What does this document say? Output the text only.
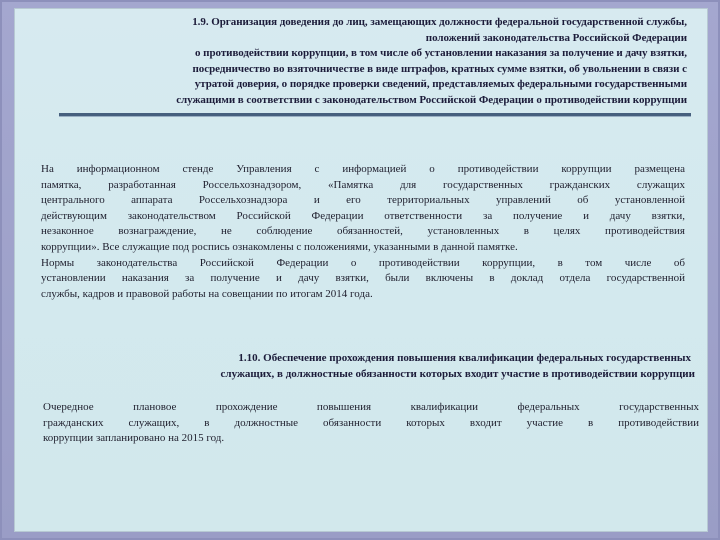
1.9. Организация доведения до лиц, замещающих должности федеральной государственной службы,
положений законодательства Российской Федерации
о противодействии коррупции, в том числе об установлении наказания за получение и дачу взятки,
посредничество во взяточничестве в виде штрафов, кратных сумме взятки, об увольнении в связи с
утратой доверия, о порядке проверки сведений, представляемых федеральными государственными
служащими в соответствии с законодательством Российской Федерации о противодействии коррупции
На информационном стенде Управления с информацией о противодействии коррупции размещена
памятка, разработанная Россельхознадзором, «Памятка для государственных гражданских служащих
центрального аппарата Россельхознадзора и его территориальных управлений об установленной
действующим законодательством Российской Федерации ответственности за получение и дачу взятки,
незаконное вознаграждение, не соблюдение обязанностей, установленных в целях противодействия
коррупции». Все служащие под роспись ознакомлены с положениями, указанными в данной памятке.
Нормы законодательства Российской Федерации о противодействии коррупции, в том числе об
установлении наказания за получение и дачу взятки, были включены в доклад отдела государственной
службы, кадров и правовой работы на совещании по итогам 2014 года.
1.10. Обеспечение прохождения повышения квалификации федеральных государственных
служащих, в должностные обязанности которых входит участие в противодействии коррупции
Очередное плановое прохождение повышения квалификации федеральных государственных
гражданских служащих, в должностные обязанности которых входит участие в противодействии
коррупции запланировано на 2015 год.
